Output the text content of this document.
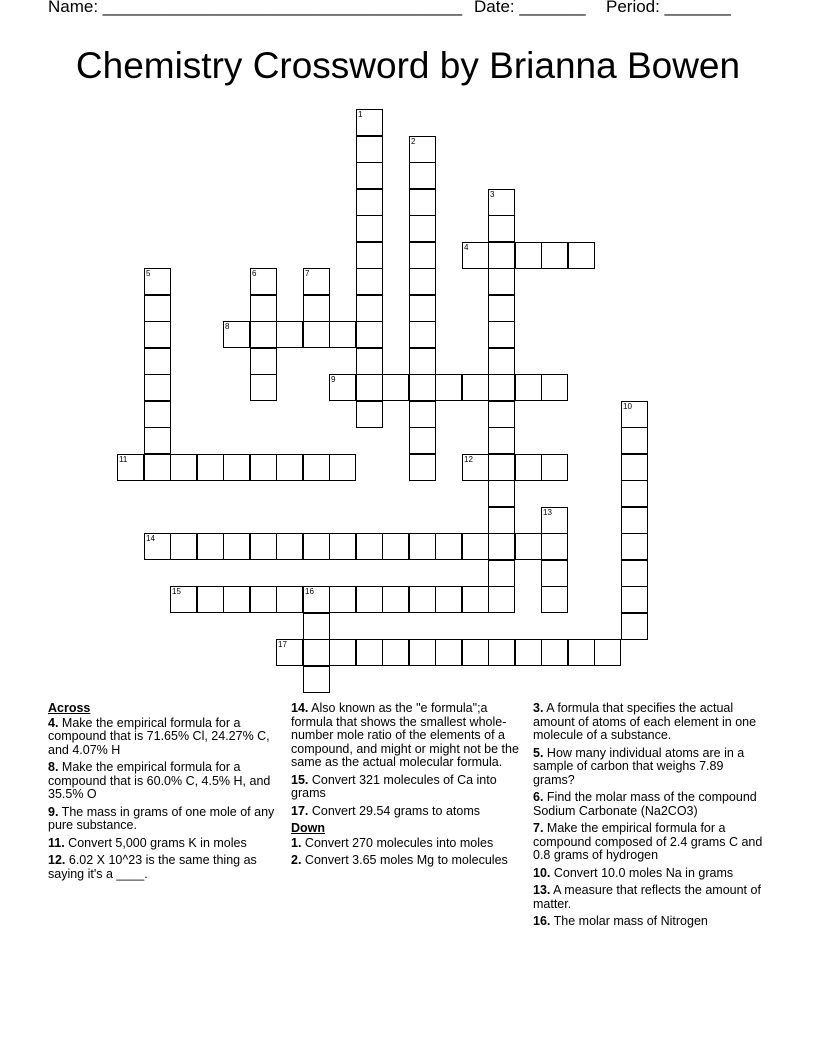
Name: ______________________________________ Date: _______ Period: _______
Chemistry Crossword by Brianna Bowen
1
2
3
4
5	6	7
8
9
10
11	12
13
14
15	16
17
Across
4. Make the empirical formula for a compound that is 71.65% Cl, 24.27% C, and 4.07% H
8. Make the empirical formula for a compound that is 60.0% C, 4.5% H, and 35.5% O
9. The mass in grams of one mole of any pure substance.
11. Convert 5,000 grams K in moles
12. 6.02 X 10^23 is the same thing as saying it's a ____.
14. Also known as the "e formula";a formula that shows the smallest whole-number mole ratio of the elements of a compound, and might or might not be the same as the actual molecular formula.
15. Convert 321 molecules of Ca into grams
17. Convert 29.54 grams to atoms
Down
1. Convert 270 molecules into moles
2. Convert 3.65 moles Mg to molecules
3. A formula that specifies the actual amount of atoms of each element in one molecule of a substance.
5. How many individual atoms are in a sample of carbon that weighs 7.89 grams?
6. Find the molar mass of the compound Sodium Carbonate (Na2CO3)
7. Make the empirical formula for a compound composed of 2.4 grams C and 0.8 grams of hydrogen
10. Convert 10.0 moles Na in grams
13. A measure that reflects the amount of matter.
16. The molar mass of Nitrogen
